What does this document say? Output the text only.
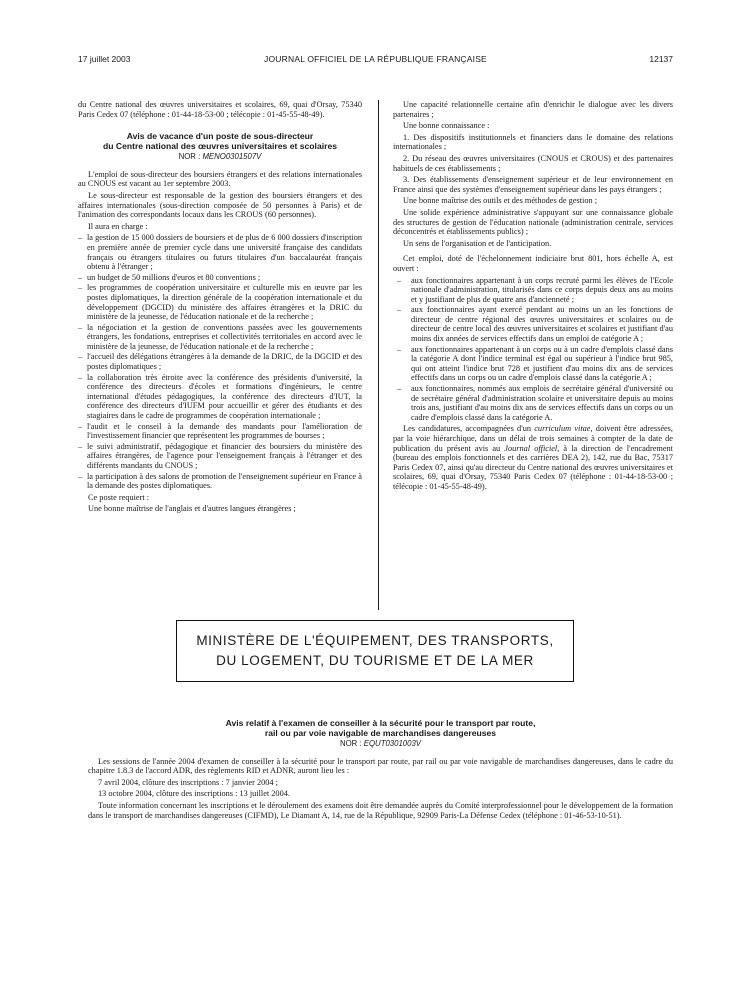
17 juillet 2003	JOURNAL OFFICIEL DE LA RÉPUBLIQUE FRANÇAISE	12137

du Centre national des œuvres universitaires et scolaires, 69, quai d'Orsay, 75340 Paris Cedex 07 (téléphone : 01-44-18-53-00 ; télécopie : 01-45-55-48-49).

Avis de vacance d'un poste de sous-directeur
du Centre national des œuvres universitaires et scolaires
NOR : MENO0301507V

L'emploi de sous-directeur des boursiers étrangers et des relations internationales au CNOUS est vacant au 1er septembre 2003.

Le sous-directeur est responsable de la gestion des boursiers étrangers et des affaires internationales (sous-direction composée de 50 personnes à Paris) et de l'animation des correspondants locaux dans les CROUS (60 personnes).

Il aura en charge :

– la gestion de 15 000 dossiers de boursiers et de plus de 6 000 dossiers d'inscription en première année de premier cycle dans une université française des candidats français ou étrangers titulaires ou futurs titulaires d'un baccalauréat français obtenu à l'étranger ;
– un budget de 50 millions d'euros et 80 conventions ;
– les programmes de coopération universitaire et culturelle mis en œuvre par les postes diplomatiques, la direction générale de la coopération internationale et du développement (DGCID) du ministère des affaires étrangères et la DRIC du ministère de la jeunesse, de l'éducation nationale et de la recherche ;
– la négociation et la gestion de conventions passées avec les gouvernements étrangers, les fondations, entreprises et collectivités territoriales en accord avec le ministère de la jeunesse, de l'éducation nationale et de la recherche ;
– l'accueil des délégations étrangères à la demande de la DRIC, de la DGCID et des postes diplomatiques ;
– la collaboration très étroite avec la conférence des présidents d'université, la conférence des directeurs d'écoles et formations d'ingénieurs, le centre international d'études pédagogiques, la conférence des directeurs d'IUT, la conférence des directeurs d'IUFM pour accueillir et gérer des étudiants et des stagiaires dans le cadre de programmes de coopération internationale ;
– l'audit et le conseil à la demande des mandants pour l'amélioration de l'investissement financier que représentent les programmes de bourses ;
– le suivi administratif, pédagogique et financier des boursiers du ministère des affaires étrangères, de l'agence pour l'enseignement français à l'étranger et des différents mandants du CNOUS ;
– la participation à des salons de promotion de l'enseignement supérieur en France à la demande des postes diplomatiques.

Ce poste requiert :

Une bonne maîtrise de l'anglais et d'autres langues étrangères ;

Une capacité relationnelle certaine afin d'enrichir le dialogue avec les divers partenaires ;

Une bonne connaissance :

1. Des dispositifs institutionnels et financiers dans le domaine des relations internationales ;

2. Du réseau des œuvres universitaires (CNOUS et CROUS) et des partenaires habituels de ces établissements ;

3. Des établissements d'enseignement supérieur et de leur environnement en France ainsi que des systèmes d'enseignement supérieur dans les pays étrangers ;

Une bonne maîtrise des outils et des méthodes de gestion ;

Une solide expérience administrative s'appuyant sur une connaissance globale des structures de gestion de l'éducation nationale (administration centrale, services déconcentrés et établissements publics) ;

Un sens de l'organisation et de l'anticipation.

Cet emploi, doté de l'échelonnement indiciaire brut 801, hors échelle A, est ouvert :

– aux fonctionnaires appartenant à un corps recruté parmi les élèves de l'Ecole nationale d'administration, titularisés dans ce corps depuis deux ans au moins et y justifiant de plus de quatre ans d'ancienneté ;
– aux fonctionnaires ayant exercé pendant au moins un an les fonctions de directeur de centre régional des œuvres universitaires et scolaires ou de directeur de centre local des œuvres universitaires et scolaires et justifiant d'au moins dix années de services effectifs dans un emploi de catégorie A ;
– aux fonctionnaires appartenant à un corps ou à un cadre d'emplois classé dans la catégorie A dont l'indice terminal est égal ou supérieur à l'indice brut 985, qui ont atteint l'indice brut 728 et justifient d'au moins dix ans de services effectifs dans un corps ou un cadre d'emplois classé dans la catégorie A ;
– aux fonctionnaires, nommés aux emplois de secrétaire général d'université ou de secrétaire général d'administration scolaire et universitaire depuis au moins trois ans, justifiant d'au moins dix ans de services effectifs dans un corps ou un cadre d'emplois classé dans la catégorie A.

Les candidatures, accompagnées d'un curriculum vitae, doivent être adressées, par la voie hiérarchique, dans un délai de trois semaines à compter de la date de publication du présent avis au Journal officiel, à la direction de l'encadrement (bureau des emplois fonctionnels et des carrières DEA 2), 142, rue du Bac, 75317 Paris Cedex 07, ainsi qu'au directeur du Centre national des œuvres universitaires et scolaires, 69, quai d'Orsay, 75340 Paris Cedex 07 (téléphone : 01-44-18-53-00 ; télécopie : 01-45-55-48-49).

MINISTÈRE DE L'ÉQUIPEMENT, DES TRANSPORTS,
DU LOGEMENT, DU TOURISME ET DE LA MER
Avis relatif à l'examen de conseiller à la sécurité pour le transport par route,
rail ou par voie navigable de marchandises dangereuses
NOR : EQUT0301003V

Les sessions de l'année 2004 d'examen de conseiller à la sécurité pour le transport par route, par rail ou par voie navigable de marchandises dangereuses, dans le cadre du chapitre 1.8.3 de l'accord ADR, des règlements RID et ADNR, auront lieu les :

7 avril 2004, clôture des inscriptions : 7 janvier 2004 ;

13 octobre 2004, clôture des inscriptions : 13 juillet 2004.

Toute information concernant les inscriptions et le déroulement des examens doit être demandée auprès du Comité interprofessionnel pour le développement de la formation dans le transport de marchandises dangereuses (CIFMD), Le Diamant A, 14, rue de la République, 92909 Paris-La Défense Cedex (téléphone : 01-46-53-10-51).
